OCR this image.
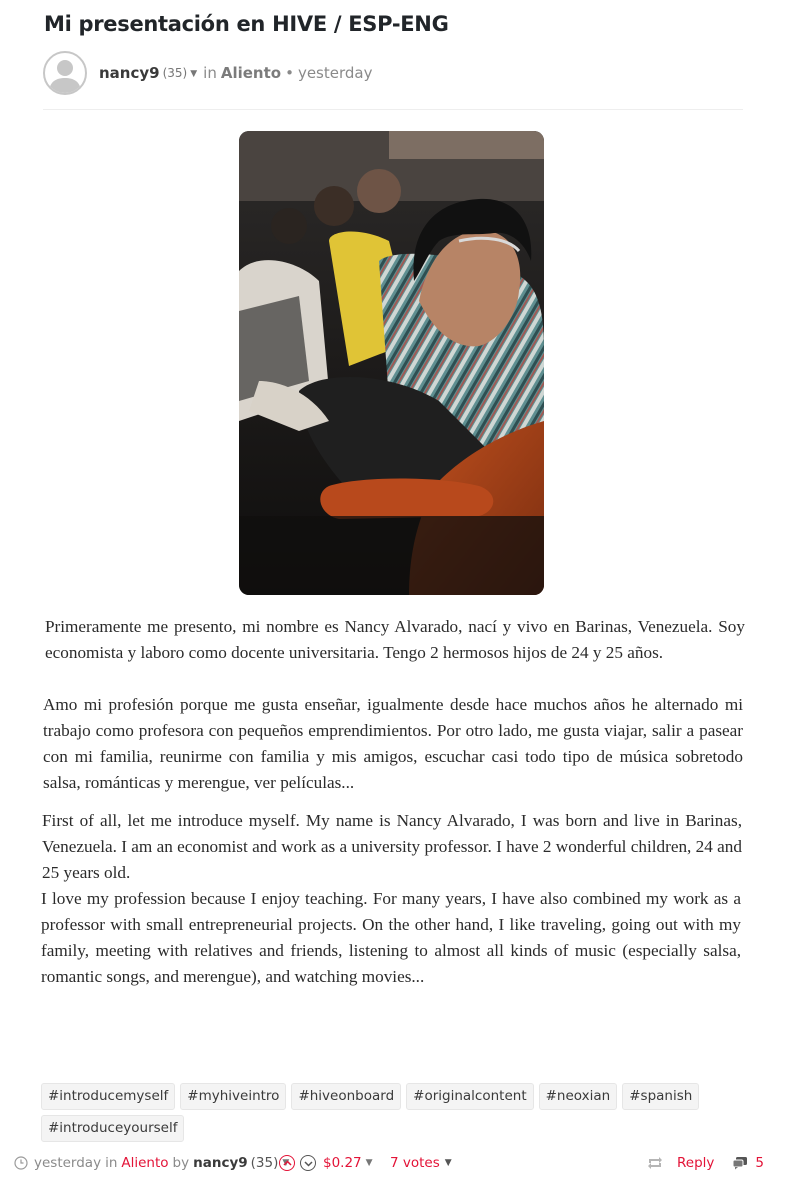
Mi presentación en HIVE / ESP-ENG
nancy9 (35) ▼ in Aliento • yesterday

Primeramente me presento, mi nombre es Nancy Alvarado, nací y vivo en Barinas, Venezuela. Soy economista y laboro como docente universitaria. Tengo 2 hermosos hijos de 24 y 25 años.

Amo mi profesión porque me gusta enseñar, igualmente desde hace muchos años he alternado mi trabajo como profesora con pequeños emprendimientos. Por otro lado, me gusta viajar, salir a pasear con mi familia, reunirme con familia y mis amigos, escuchar casi todo tipo de música sobretodo salsa, románticas y merengue, ver películas...

First of all, let me introduce myself. My name is Nancy Alvarado, I was born and live in Barinas, Venezuela. I am an economist and work as a university professor. I have 2 wonderful children, 24 and 25 years old.

I love my profession because I enjoy teaching. For many years, I have also combined my work as a professor with small entrepreneurial projects. On the other hand, I like traveling, going out with my family, meeting with relatives and friends, listening to almost all kinds of music (especially salsa, romantic songs, and merengue), and watching movies...

#introducemyself #myhiveintro #hiveonboard #originalcontent #neoxian #spanish
#introduceyourself
yesterday in Aliento by nancy9 (35) ▼ $0.27 ▼ 7 votes ▼	Reply	5
